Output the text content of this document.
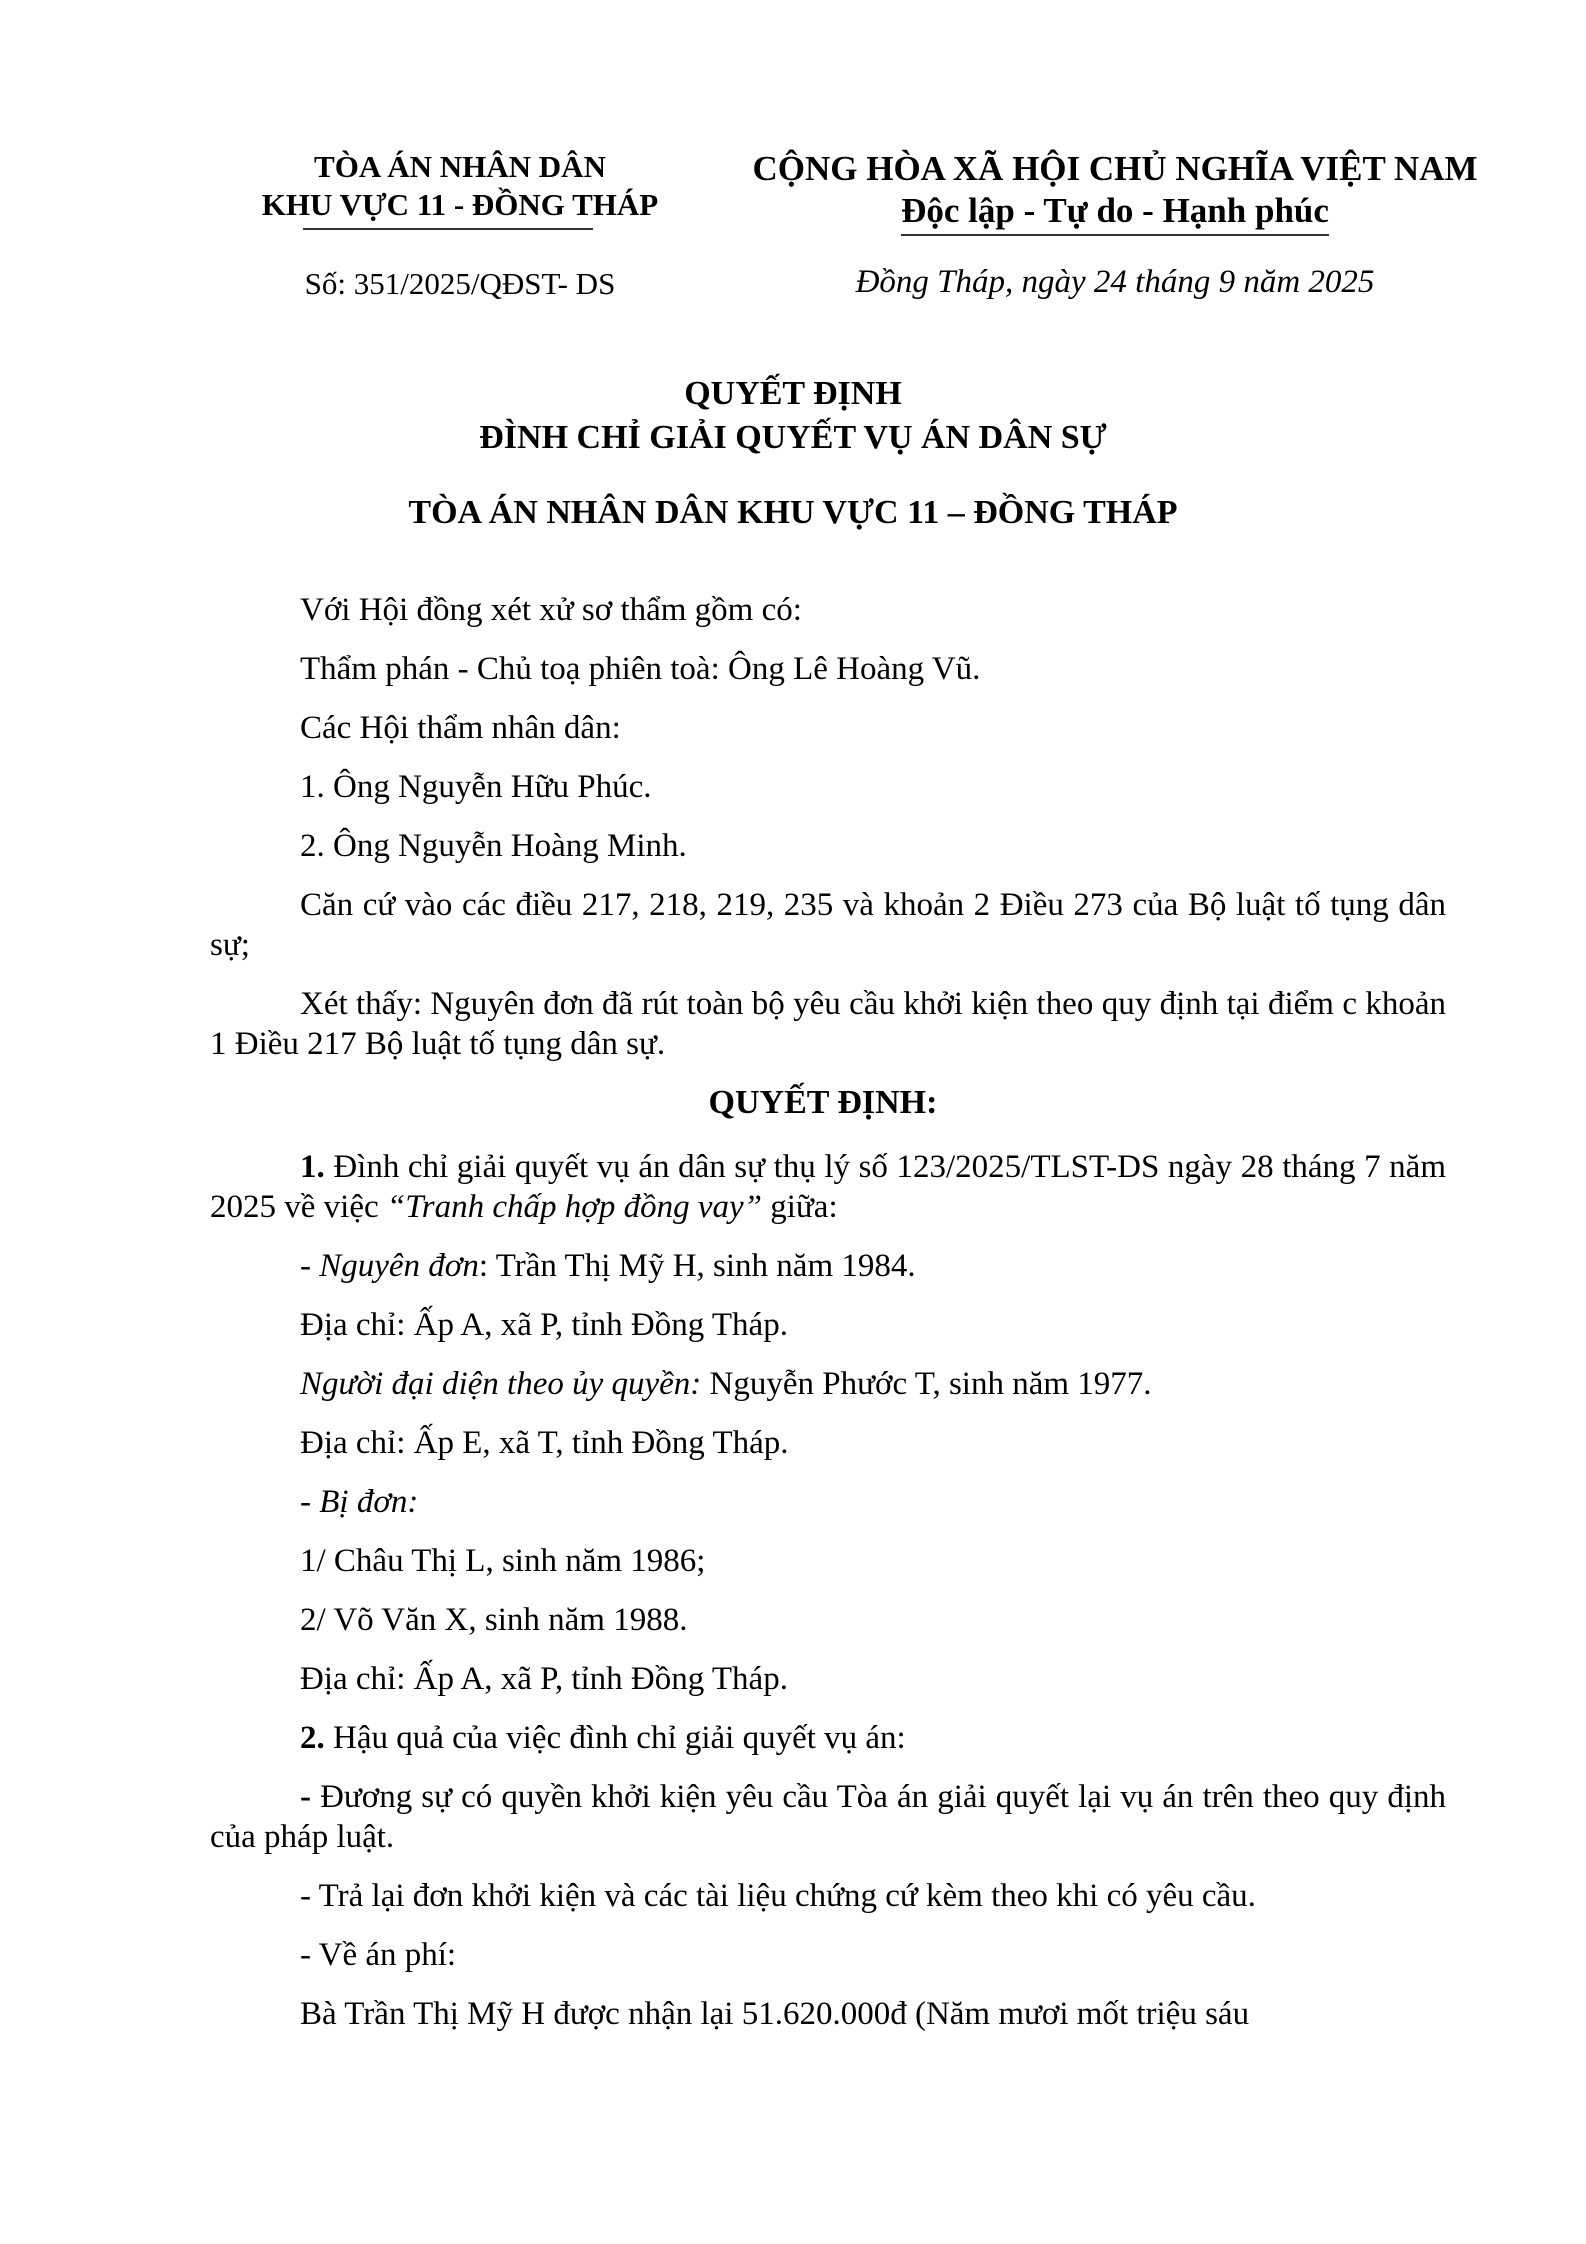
TÒA ÁN NHÂN DÂN
KHU VỰC 11 - ĐỒNG THÁP
CỘNG HÒA XÃ HỘI CHỦ NGHĨA VIỆT NAM
Độc lập - Tự do - Hạnh phúc
Số: 351/2025/QĐST- DS	Đồng Tháp, ngày 24 tháng 9 năm 2025
QUYẾT ĐỊNH
ĐÌNH CHỈ GIẢI QUYẾT VỤ ÁN DÂN SỰ
TÒA ÁN NHÂN DÂN KHU VỰC 11 – ĐỒNG THÁP

Với Hội đồng xét xử sơ thẩm gồm có:

Thẩm phán - Chủ toạ phiên toà: Ông Lê Hoàng Vũ.

Các Hội thẩm nhân dân:

1. Ông Nguyễn Hữu Phúc.

2. Ông Nguyễn Hoàng Minh.

Căn cứ vào các điều 217, 218, 219, 235 và khoản 2 Điều 273 của Bộ luật tố tụng dân sự;

Xét thấy: Nguyên đơn đã rút toàn bộ yêu cầu khởi kiện theo quy định tại điểm c khoản 1 Điều 217 Bộ luật tố tụng dân sự.

QUYẾT ĐỊNH:

1. Đình chỉ giải quyết vụ án dân sự thụ lý số 123/2025/TLST-DS ngày 28 tháng 7 năm 2025 về việc “Tranh chấp hợp đồng vay” giữa:

- Nguyên đơn: Trần Thị Mỹ H, sinh năm 1984.

Địa chỉ: Ấp A, xã P, tỉnh Đồng Tháp.

Người đại diện theo ủy quyền: Nguyễn Phước T, sinh năm 1977.

Địa chỉ: Ấp E, xã T, tỉnh Đồng Tháp.

- Bị đơn:

1/ Châu Thị L, sinh năm 1986;

2/ Võ Văn X, sinh năm 1988.

Địa chỉ: Ấp A, xã P, tỉnh Đồng Tháp.

2. Hậu quả của việc đình chỉ giải quyết vụ án:

- Đương sự có quyền khởi kiện yêu cầu Tòa án giải quyết lại vụ án trên theo quy định của pháp luật.

- Trả lại đơn khởi kiện và các tài liệu chứng cứ kèm theo khi có yêu cầu.

- Về án phí:

Bà Trần Thị Mỹ H được nhận lại 51.620.000đ (Năm mươi mốt triệu sáu
